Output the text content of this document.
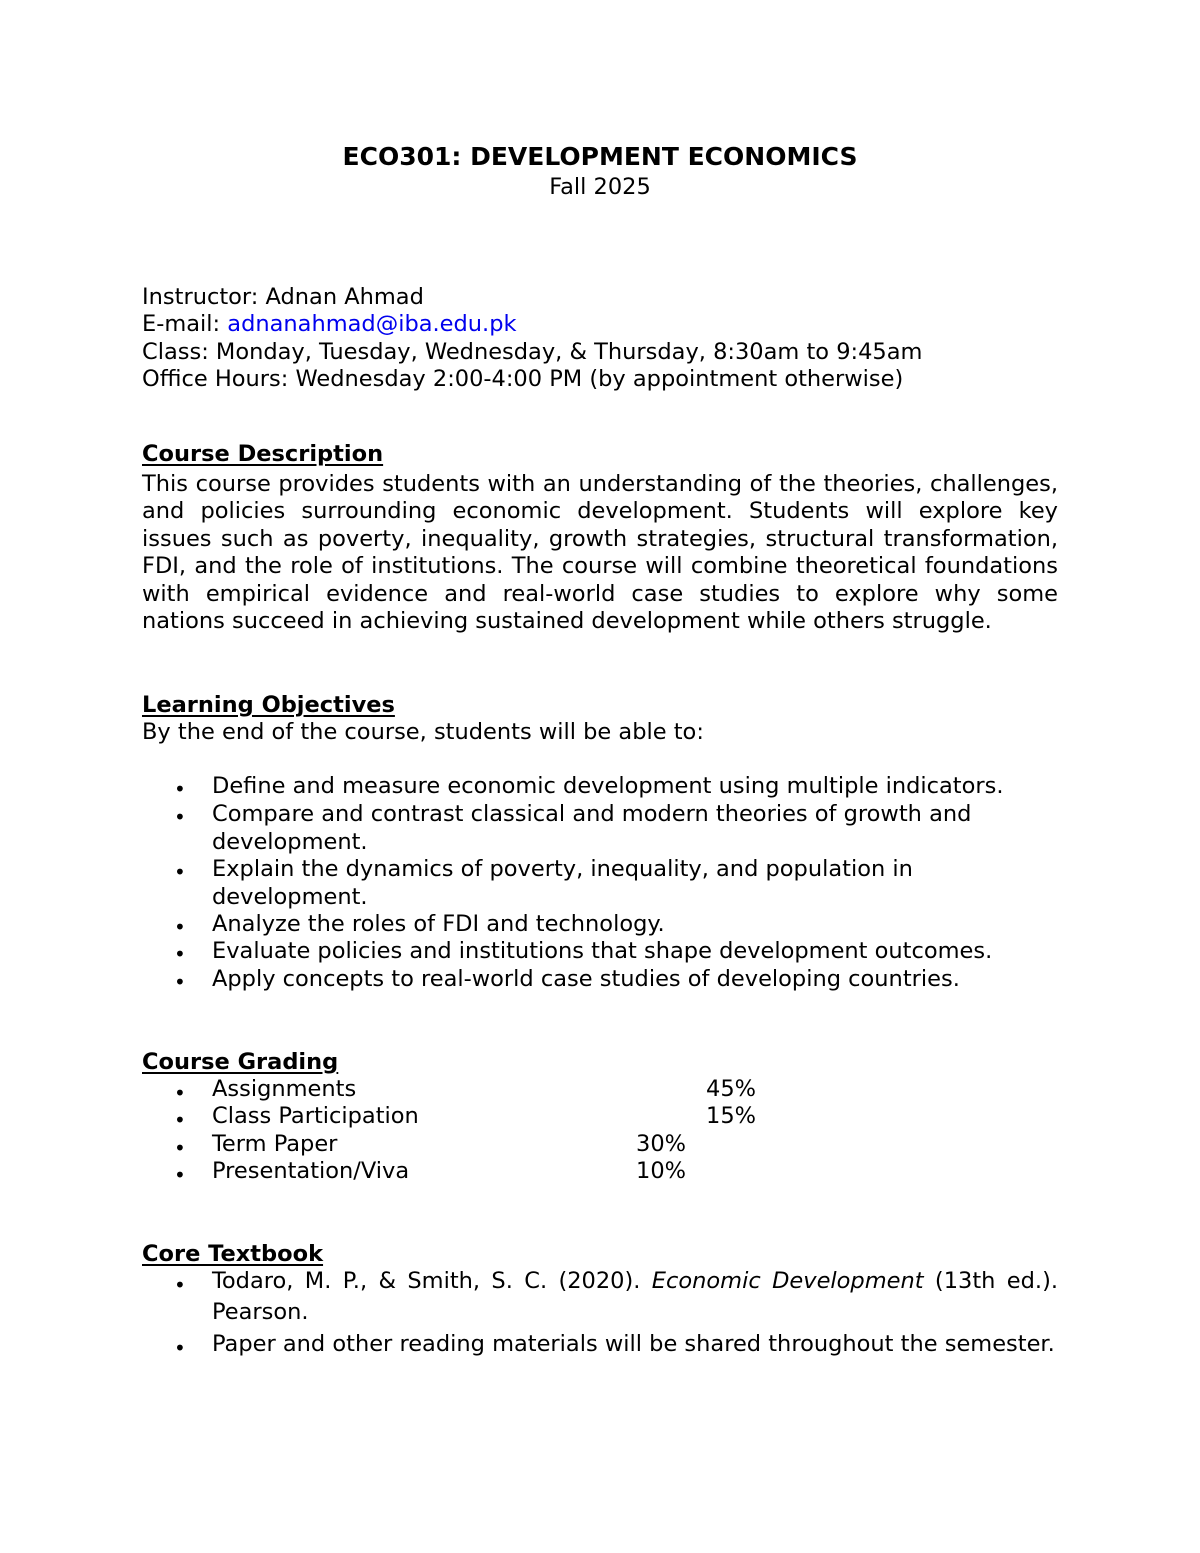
ECO301: DEVELOPMENT ECONOMICS
Fall 2025
Instructor: Adnan Ahmad
E-mail: adnanahmad@iba.edu.pk
Class: Monday, Tuesday, Wednesday, & Thursday, 8:30am to 9:45am
Office Hours: Wednesday 2:00-4:00 PM (by appointment otherwise)
Course Description

This course provides students with an understanding of the theories, challenges, and policies surrounding economic development. Students will explore key issues such as poverty, inequality, growth strategies, structural transformation, FDI, and the role of institutions. The course will combine theoretical foundations with empirical evidence and real-world case studies to explore why some nations succeed in achieving sustained development while others struggle.

Learning Objectives
By the end of the course, students will be able to:
•
Define and measure economic development using multiple indicators.
•
Compare and contrast classical and modern theories of growth and
development.
•
Explain the dynamics of poverty, inequality, and population in
development.
•
Analyze the roles of FDI and technology.
•
Evaluate policies and institutions that shape development outcomes.
•
Apply concepts to real-world case studies of developing countries.
Course Grading
•
Assignments	45%
•
Class Participation	15%
•
Term Paper	30%
•
Presentation/Viva	10%
Core Textbook
•
Todaro, M. P., & Smith, S. C. (2020). Economic Development (13th ed.). Pearson.
•
Paper and other reading materials will be shared throughout the semester.
